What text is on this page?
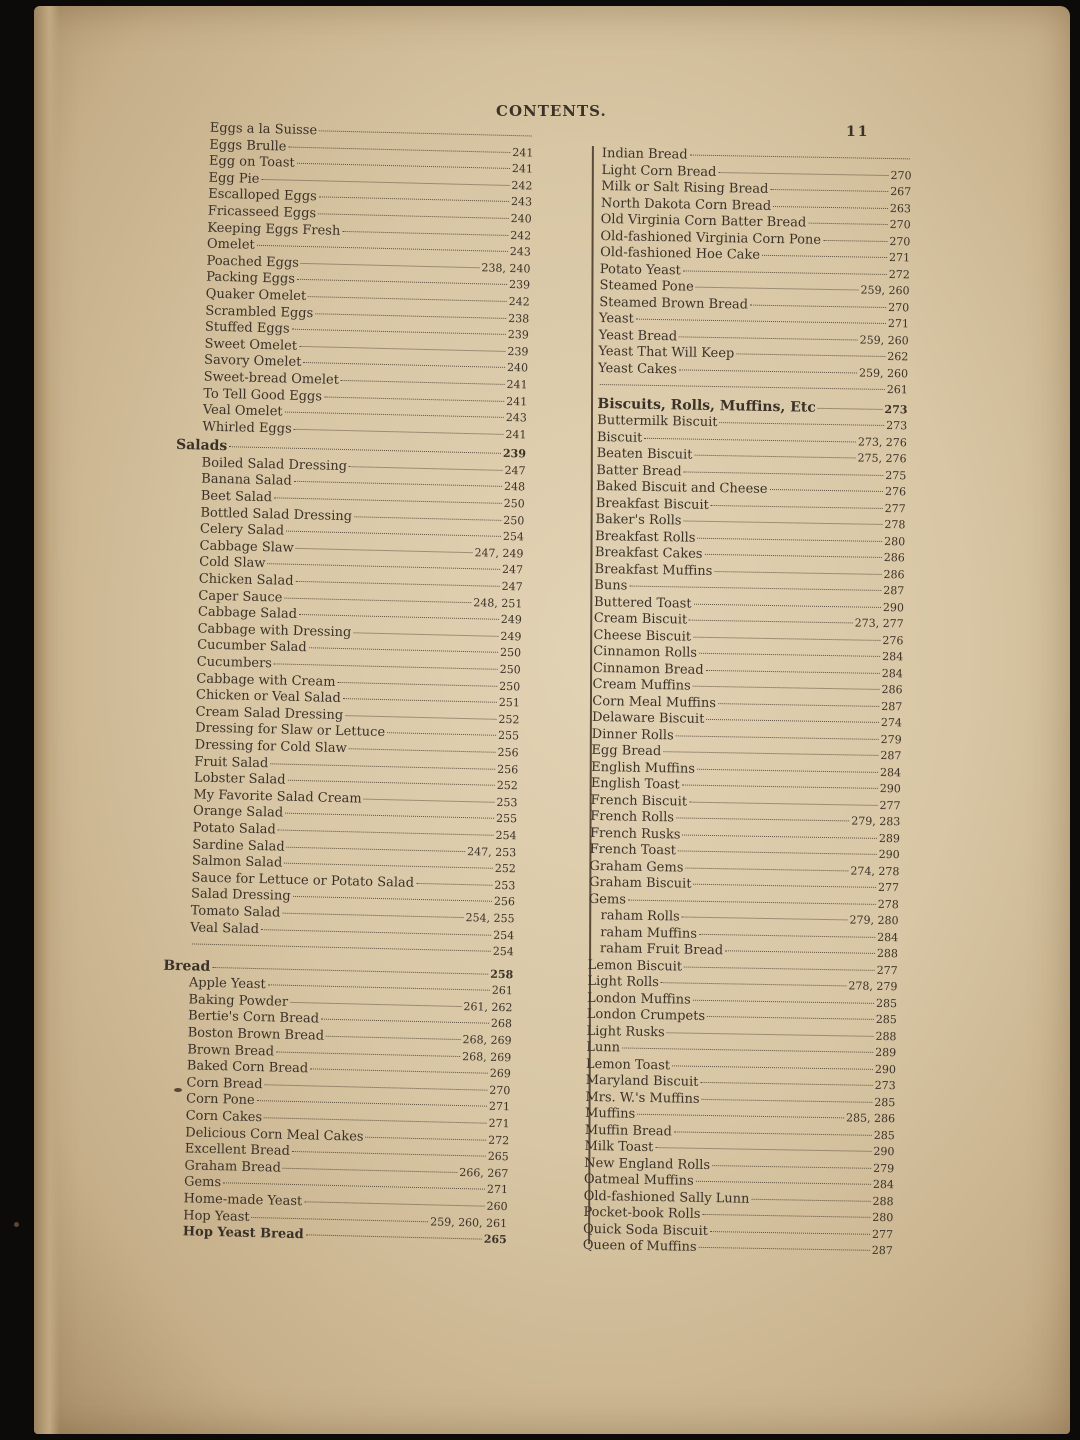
CONTENTS.
11
Eggs a la Suisse
Eggs Brulle	241
Egg on Toast	241
Egg Pie	242
Escalloped Eggs	243
Fricasseed Eggs	240
Keeping Eggs Fresh	242
Omelet	243
Poached Eggs	238, 240
Packing Eggs	239
Quaker Omelet	242
Scrambled Eggs	238
Stuffed Eggs	239
Sweet Omelet	239
Savory Omelet	240
Sweet-bread Omelet	241
To Tell Good Eggs	241
Veal Omelet	243
Whirled Eggs	241
Salads	239
Boiled Salad Dressing	247
Banana Salad	248
Beet Salad	250
Bottled Salad Dressing	250
Celery Salad	254
Cabbage Slaw	247, 249
Cold Slaw	247
Chicken Salad	247
Caper Sauce	248, 251
Cabbage Salad	249
Cabbage with Dressing	249
Cucumber Salad	250
Cucumbers	250
Cabbage with Cream	250
Chicken or Veal Salad	251
Cream Salad Dressing	252
Dressing for Slaw or Lettuce	255
Dressing for Cold Slaw	256
Fruit Salad	256
Lobster Salad	252
My Favorite Salad Cream	253
Orange Salad	255
Potato Salad	254
Sardine Salad	247, 253
Salmon Salad	252
Sauce for Lettuce or Potato Salad	253
Salad Dressing	256
Tomato Salad	254, 255
Veal Salad	254
254
Bread	258
Apple Yeast	261
Baking Powder	261, 262
Bertie's Corn Bread	268
Boston Brown Bread	268, 269
Brown Bread	268, 269
Baked Corn Bread	269
Corn Bread	270
Corn Pone	271
Corn Cakes	271
Delicious Corn Meal Cakes	272
Excellent Bread	265
Graham Bread	266, 267
Gems	271
Home-made Yeast	260
Hop Yeast	259, 260, 261
Hop Yeast Bread	265
Indian Bread
Light Corn Bread	270
Milk or Salt Rising Bread	267
North Dakota Corn Bread	263
Old Virginia Corn Batter Bread	270
Old-fashioned Virginia Corn Pone	270
Old-fashioned Hoe Cake	271
Potato Yeast	272
Steamed Pone	259, 260
Steamed Brown Bread	270
Yeast	271
Yeast Bread	259, 260
Yeast That Will Keep	262
Yeast Cakes	259, 260
261
Biscuits, Rolls, Muffins, Etc	273
Buttermilk Biscuit	273
Biscuit	273, 276
Beaten Biscuit	275, 276
Batter Bread	275
Baked Biscuit and Cheese	276
Breakfast Biscuit	277
Baker's Rolls	278
Breakfast Rolls	280
Breakfast Cakes	286
Breakfast Muffins	286
Buns	287
Buttered Toast	290
Cream Biscuit	273, 277
Cheese Biscuit	276
Cinnamon Rolls	284
Cinnamon Bread	284
Cream Muffins	286
Corn Meal Muffins	287
Delaware Biscuit	274
Dinner Rolls	279
Egg Bread	287
English Muffins	284
English Toast	290
French Biscuit	277
French Rolls	279, 283
French Rusks	289
French Toast	290
Graham Gems	274, 278
Graham Biscuit	277
Gems	278
raham Rolls	279, 280
raham Muffins	284
raham Fruit Bread	288
Lemon Biscuit	277
Light Rolls	278, 279
London Muffins	285
London Crumpets	285
Light Rusks	288
Lunn	289
Lemon Toast	290
Maryland Biscuit	273
Mrs. W.'s Muffins	285
Muffins	285, 286
Muffin Bread	285
Milk Toast	290
New England Rolls	279
Oatmeal Muffins	284
Old-fashioned Sally Lunn	288
Pocket-book Rolls	280
Quick Soda Biscuit	277
Queen of Muffins	287
